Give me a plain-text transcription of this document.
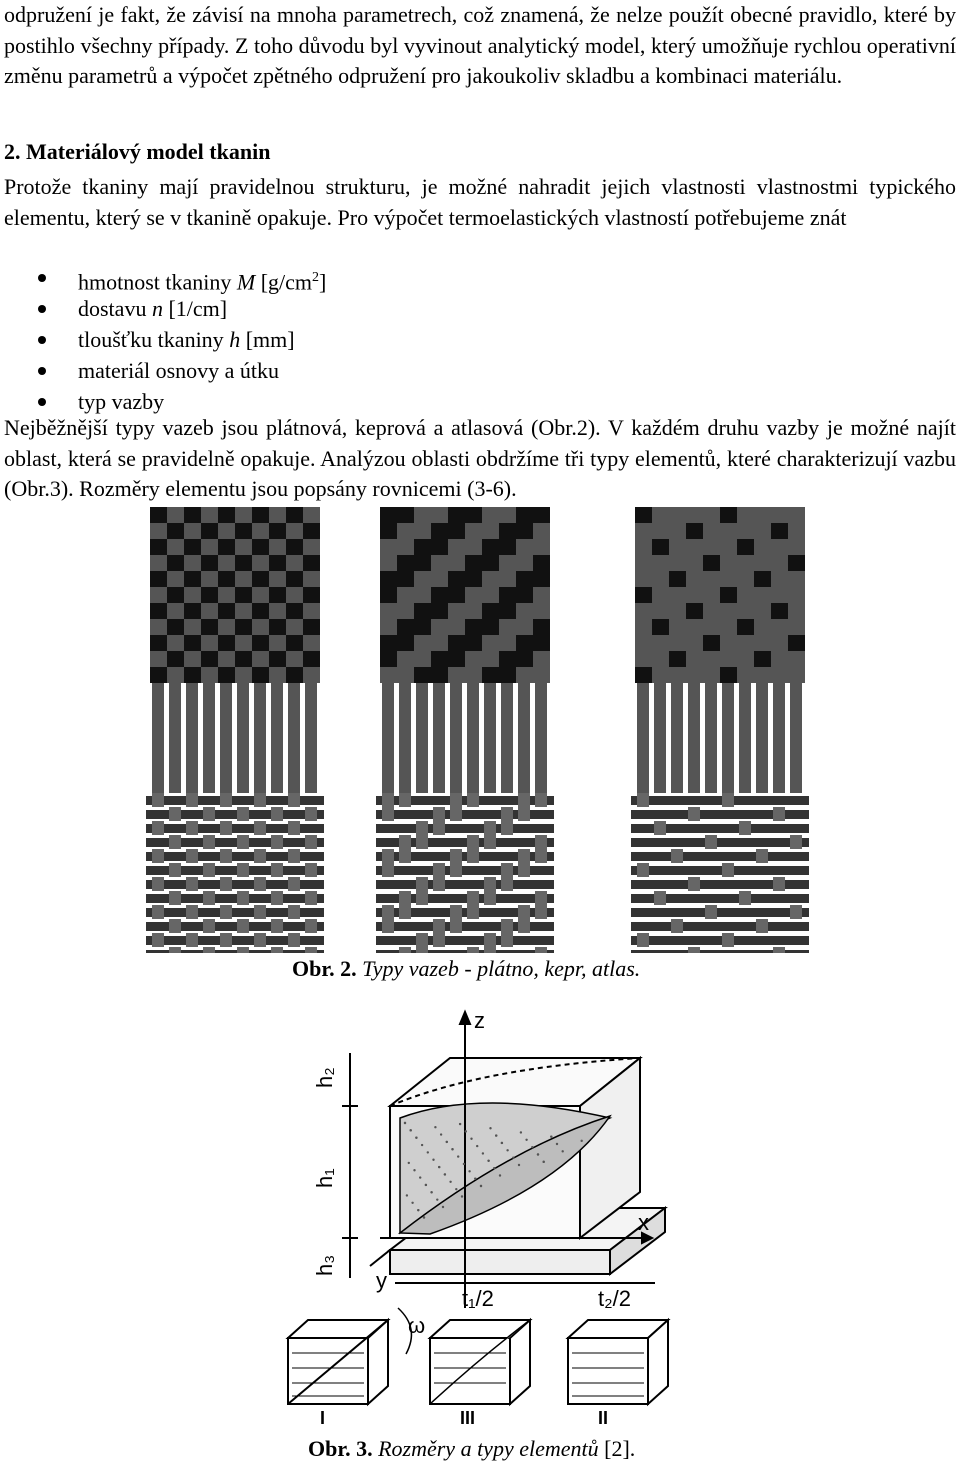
odpružení je fakt, že závisí na mnoha parametrech, což znamená, že nelze použít obecné pravidlo, které by postihlo všechny případy. Z toho důvodu byl vyvinout analytický model, který umožňuje rychlou operativní změnu parametrů a výpočet zpětného odpružení pro jakoukoliv skladbu a kombinaci materiálu.
2. Materiálový model tkanin
Protože tkaniny mají pravidelnou strukturu, je možné nahradit jejich vlastnosti vlastnostmi typického elementu, který se v tkanině opakuje. Pro výpočet termoelastických vlastností potřebujeme znát
hmotnost tkaniny M $[g/cm^2]$
dostavu n [1/cm]
tloušťku tkaniny h [mm]
materiál osnovy a útku
typ vazby
Nejběžnější typy vazeb jsou plátnová, keprová a atlasová (Obr.2). V každém druhu vazby je možné najít oblast, která se pravidelně opakuje. Analýzou oblasti obdržíme tři typy elementů, které charakterizují vazbu (Obr.3). Rozměry elementu jsou popsány rovnicemi (3-6).
Obr. 2. Typy vazeb - plátno, kepr, atlas.
z
x
y
h₂
h₁
h₃
t₁/2	t₂/2
ω
I	III	II
Obr. 3. Rozměry a typy elementů [2].
